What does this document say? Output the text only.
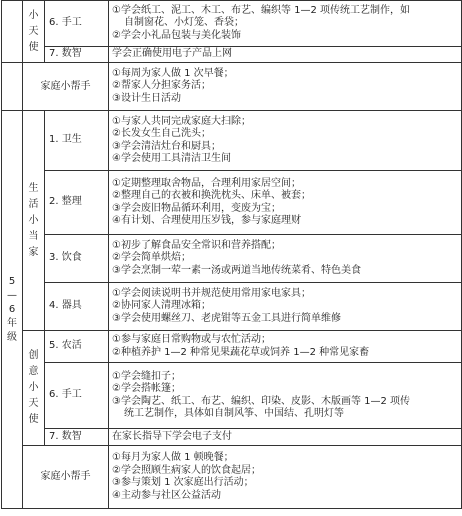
	小天使	6. 手工	①学会纸工、泥工、木工、布艺、编织等 1—2 项传统工艺制作，如
自制窗花、小灯笼、香袋；
②学会小礼品包装与美化装饰

		7. 数智	学会正确使用电子产品上网

	家庭小帮手		①每周为家人做 1 次早餐；
②帮家人分担家务活；
③设计生日活动

5—6年级	生活小当家	1. 卫生	①与家人共同完成家庭大扫除；
②长发女生自己洗头；
③学会清洁灶台和厨具；
④学会使用工具清洁卫生间

		2. 整理	①定期整理取舍物品，合理利用家居空间；
②整理自己的衣被和换洗枕头、床单、被套；
③学会废旧物品循环利用，变废为宝；
④有计划、合理使用压岁钱，参与家庭理财

		3. 饮食	①初步了解食品安全常识和营养搭配；
②学会简单烘焙；
③学会烹制一荤一素一汤或两道当地传统菜肴、特色美食

		4. 器具	①学会阅读说明书并规范使用常用家电家具；
②协同家人清理冰箱；
③学会使用螺丝刀、老虎钳等五金工具进行简单维修

	创意小天使	5. 农活	①参与家庭日常购物或与农忙活动；
②种植养护 1—2 种常见果蔬花草或饲养 1—2 种常见家畜

		6. 手工	①学会缝扣子；
②学会搭帐篷；
③学会陶艺、纸工、布艺、编织、印染、皮影、木版画等 1—2 项传
统工艺制作，具体如自制风筝、中国结、孔明灯等

		7. 数智	在家长指导下学会电子支付

	家庭小帮手		①每月为家人做 1 顿晚餐；
②学会照顾生病家人的饮食起居；
③参与策划 1 次家庭出行活动；
④主动参与社区公益活动
